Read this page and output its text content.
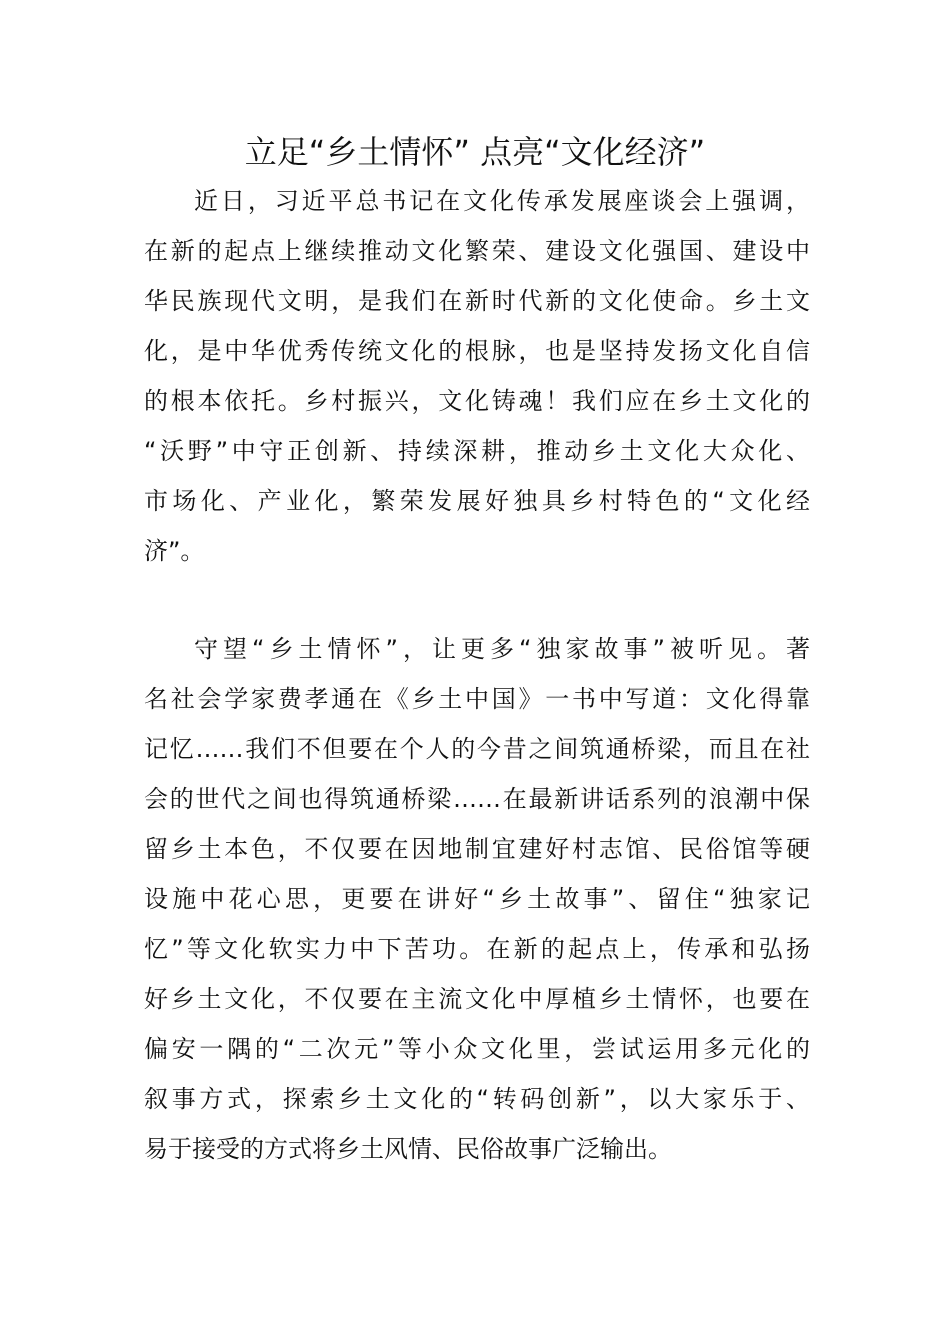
立足“乡土情怀” 点亮“文化经济”

近日，习近平总书记在文化传承发展座谈会上强调，
在新的起点上继续推动文化繁荣、建设文化强国、建设中
华民族现代文明，是我们在新时代新的文化使命。乡土文
化，是中华优秀传统文化的根脉，也是坚持发扬文化自信
的根本依托。乡村振兴，文化铸魂！我们应在乡土文化的
“沃野”中守正创新、持续深耕，推动乡土文化大众化、
市场化、产业化，繁荣发展好独具乡村特色的“文化经
济”。

守望“乡土情怀”，让更多“独家故事”被听见。著
名社会学家费孝通在《乡土中国》一书中写道：文化得靠
记忆……我们不但要在个人的今昔之间筑通桥梁，而且在社
会的世代之间也得筑通桥梁……在最新讲话系列的浪潮中保
留乡土本色，不仅要在因地制宜建好村志馆、民俗馆等硬
设施中花心思，更要在讲好“乡土故事”、留住“独家记
忆”等文化软实力中下苦功。在新的起点上，传承和弘扬
好乡土文化，不仅要在主流文化中厚植乡土情怀，也要在
偏安一隅的“二次元”等小众文化里，尝试运用多元化的
叙事方式，探索乡土文化的“转码创新”，以大家乐于、
易于接受的方式将乡土风情、民俗故事广泛输出。
